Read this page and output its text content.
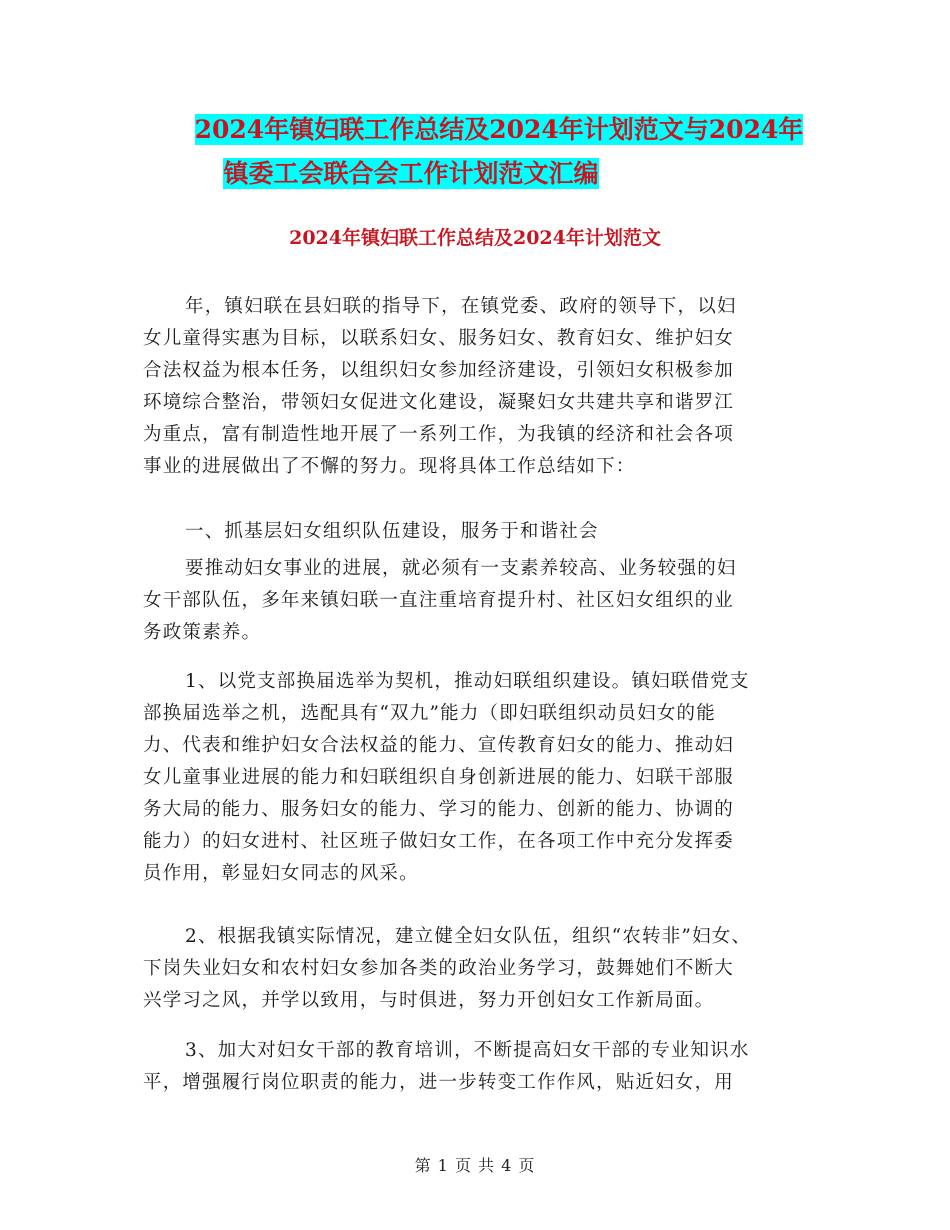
2024年镇妇联工作总结及2024年计划范文与2024年
镇委工会联合会工作计划范文汇编
2024年镇妇联工作总结及2024年计划范文

年，镇妇联在县妇联的指导下，在镇党委、政府的领导下，以妇
女儿童得实惠为目标，以联系妇女、服务妇女、教育妇女、维护妇女
合法权益为根本任务，以组织妇女参加经济建设，引领妇女积极参加
环境综合整治，带领妇女促进文化建设，凝聚妇女共建共享和谐罗江
为重点，富有制造性地开展了一系列工作，为我镇的经济和社会各项
事业的进展做出了不懈的努力。现将具体工作总结如下：

一、抓基层妇女组织队伍建设，服务于和谐社会

要推动妇女事业的进展，就必须有一支素养较高、业务较强的妇
女干部队伍，多年来镇妇联一直注重培育提升村、社区妇女组织的业
务政策素养。

1、以党支部换届选举为契机，推动妇联组织建设。镇妇联借党支
部换届选举之机，选配具有“双九”能力（即妇联组织动员妇女的能
力、代表和维护妇女合法权益的能力、宣传教育妇女的能力、推动妇
女儿童事业进展的能力和妇联组织自身创新进展的能力、妇联干部服
务大局的能力、服务妇女的能力、学习的能力、创新的能力、协调的
能力）的妇女进村、社区班子做妇女工作，在各项工作中充分发挥委
员作用，彰显妇女同志的风采。

2、根据我镇实际情况，建立健全妇女队伍，组织“农转非”妇女、
下岗失业妇女和农村妇女参加各类的政治业务学习，鼓舞她们不断大
兴学习之风，并学以致用，与时俱进，努力开创妇女工作新局面。

3、加大对妇女干部的教育培训，不断提高妇女干部的专业知识水
平，增强履行岗位职责的能力，进一步转变工作作风，贴近妇女，用

第 1 页 共 4 页
